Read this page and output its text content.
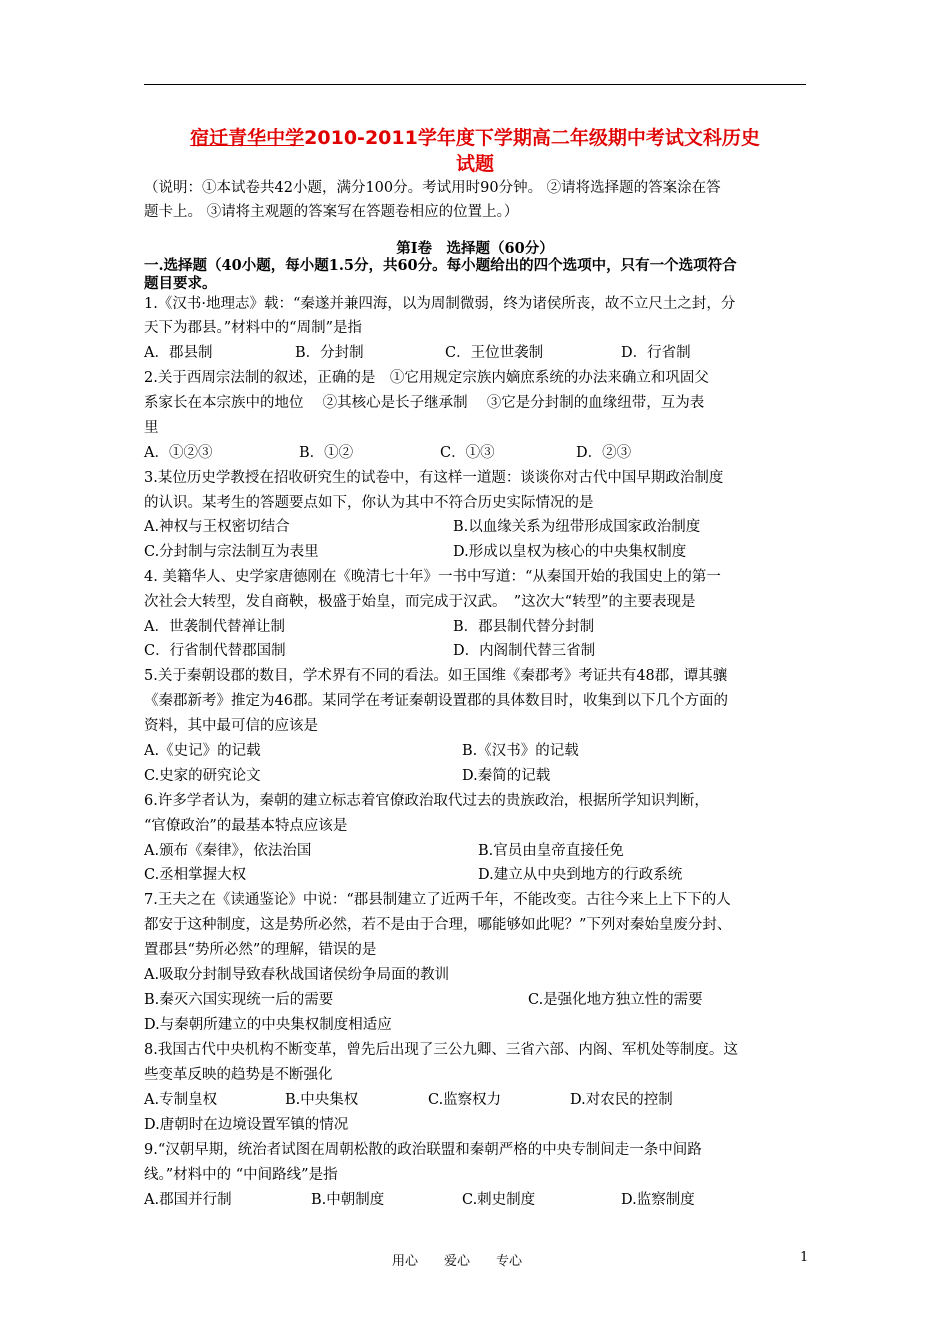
宿迁青华中学2010-2011学年度下学期高二年级期中考试文科历史
试题
（说明：①本试卷共42小题，满分100分。考试用时90分钟。 ②请将选择题的答案涂在答
题卡上。 ③请将主观题的答案写在答题卷相应的位置上。）
第Ⅰ卷　选择题（60分）
一.选择题（40小题，每小题1.5分，共60分。每小题给出的四个选项中，只有一个选项符合
题目要求。
1.《汉书·地理志》载：“秦遂并兼四海，以为周制微弱，终为诸侯所丧，故不立尺土之封，分
天下为郡县。”材料中的“周制”是指
A．郡县制	B．分封制	C．王位世袭制	D．行省制
2.关于西周宗法制的叙述，正确的是　①它用规定宗族内嫡庶系统的办法来确立和巩固父
系家长在本宗族中的地位　 ②其核心是长子继承制　 ③它是分封制的血缘纽带，互为表
里
A．①②③	B．①②	C．①③	D．②③
3.某位历史学教授在招收研究生的试卷中，有这样一道题：谈谈你对古代中国早期政治制度
的认识。某考生的答题要点如下，你认为其中不符合历史实际情况的是
A.神权与王权密切结合	B.以血缘关系为纽带形成国家政治制度
C.分封制与宗法制互为表里	D.形成以皇权为核心的中央集权制度
4. 美籍华人、史学家唐德刚在《晚清七十年》一书中写道：“从秦国开始的我国史上的第一
次社会大转型，发自商鞅，极盛于始皇，而完成于汉武。　”这次大“转型”的主要表现是
A．世袭制代替禅让制	B．郡县制代替分封制
C．行省制代替郡国制	D．内阁制代替三省制
5.关于秦朝设郡的数目，学术界有不同的看法。如王国维《秦郡考》考证共有48郡，谭其骧
《秦郡新考》推定为46郡。某同学在考证秦朝设置郡的具体数目时，收集到以下几个方面的
资料，其中最可信的应该是
A.《史记》的记载	B.《汉书》的记载
C.史家的研究论文	D.秦简的记载
6.许多学者认为，秦朝的建立标志着官僚政治取代过去的贵族政治，根据所学知识判断，
“官僚政治”的最基本特点应该是
A.颁布《秦律》，依法治国	B.官员由皇帝直接任免
C.丞相掌握大权	D.建立从中央到地方的行政系统
7.王夫之在《读通鉴论》中说：“郡县制建立了近两千年，不能改变。古往今来上上下下的人
都安于这种制度，这是势所必然，若不是由于合理，哪能够如此呢？”下列对秦始皇废分封、
置郡县“势所必然”的理解，错误的是
A.吸取分封制导致春秋战国诸侯纷争局面的教训
B.秦灭六国实现统一后的需要	C.是强化地方独立性的需要
D.与秦朝所建立的中央集权制度相适应
8.我国古代中央机构不断变革，曾先后出现了三公九卿、三省六部、内阁、军机处等制度。这
些变革反映的趋势是不断强化
A.专制皇权	B.中央集权	C.监察权力	D.对农民的控制
D.唐朝时在边境设置军镇的情况
9.“汉朝早期，统治者试图在周朝松散的政治联盟和秦朝严格的中央专制间走一条中间路
线。”材料中的 “中间路线”是指
A.郡国并行制	B.中朝制度	C.刺史制度	D.监察制度
用心　　爱心　　专心	1
